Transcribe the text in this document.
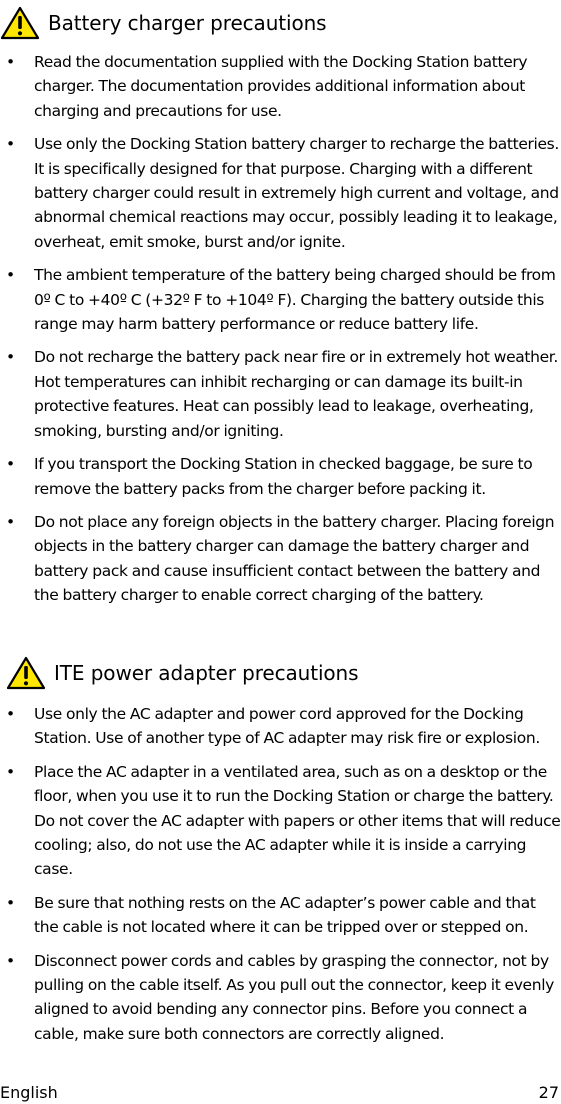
Battery charger precautions
• Read the documentation supplied with the Docking Station battery charger. The documentation provides additional information about charging and precautions for use.
• Use only the Docking Station battery charger to recharge the batteries. It is specifically designed for that purpose. Charging with a different battery charger could result in extremely high current and voltage, and abnormal chemical reactions may occur, possibly leading it to leakage, overheat, emit smoke, burst and/or ignite.
• The ambient temperature of the battery being charged should be from 0º C to +40º C (+32º F to +104º F). Charging the battery outside this range may harm battery performance or reduce battery life.
• Do not recharge the battery pack near fire or in extremely hot weather. Hot temperatures can inhibit recharging or can damage its built-in protective features. Heat can possibly lead to leakage, overheating, smoking, bursting and/or igniting.
• If you transport the Docking Station in checked baggage, be sure to remove the battery packs from the charger before packing it.
• Do not place any foreign objects in the battery charger. Placing foreign objects in the battery charger can damage the battery charger and battery pack and cause insufficient contact between the battery and the battery charger to enable correct charging of the battery.
ITE power adapter precautions
• Use only the AC adapter and power cord approved for the Docking Station. Use of another type of AC adapter may risk fire or explosion.
• Place the AC adapter in a ventilated area, such as on a desktop or the floor, when you use it to run the Docking Station or charge the battery. Do not cover the AC adapter with papers or other items that will reduce cooling; also, do not use the AC adapter while it is inside a carrying case.
• Be sure that nothing rests on the AC adapter’s power cable and that the cable is not located where it can be tripped over or stepped on.
• Disconnect power cords and cables by grasping the connector, not by pulling on the cable itself. As you pull out the connector, keep it evenly aligned to avoid bending any connector pins. Before you connect a cable, make sure both connectors are correctly aligned.
English	27
